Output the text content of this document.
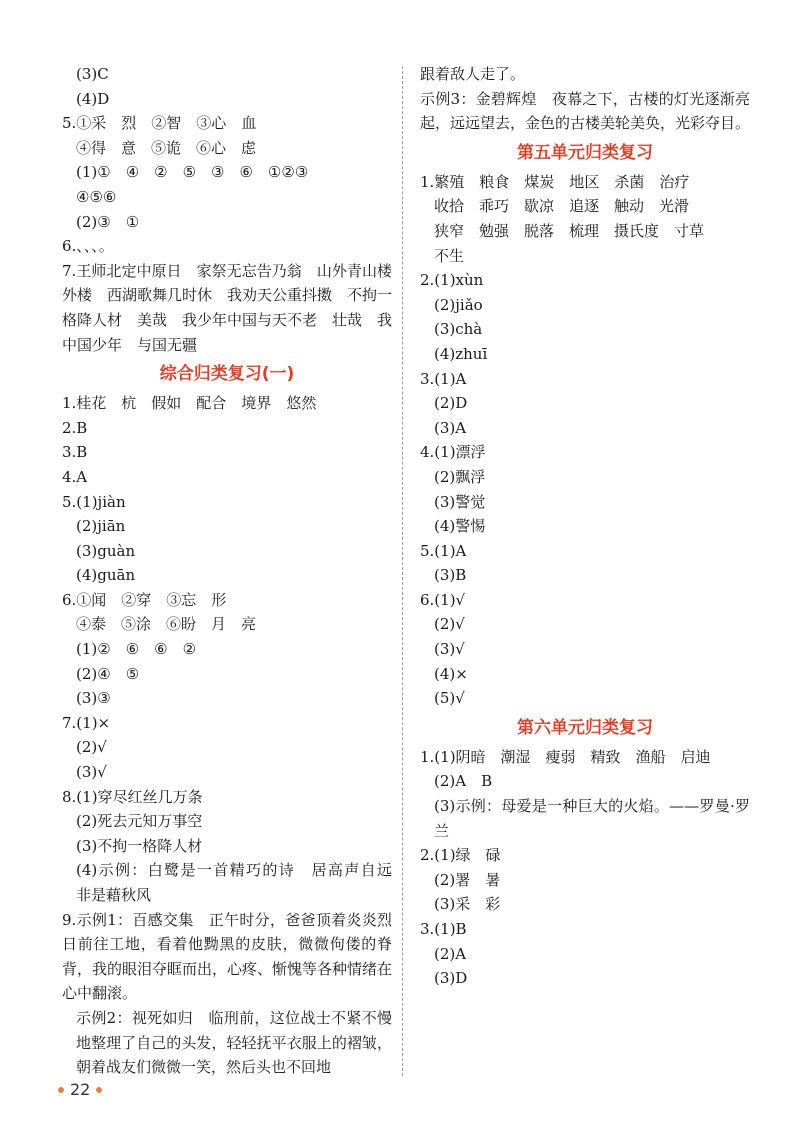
(3)C
(4)D
5.①采　烈　②智　③心　血
④得　意　⑤诡　⑥心　虑
(1)①　④　②　⑤　③　⑥　①②③
④⑤⑥
(2)③　①
6.、、、。

7.王师北定中原日　家祭无忘告乃翁　山外青山楼外楼　西湖歌舞几时休　我劝天公重抖擞　不拘一格降人材　美哉　我少年中国与天不老　壮哉　我中国少年　与国无疆

综合归类复习(一)
1.桂花　杭　假如　配合　境界　悠然
2.B
3.B
4.A
5.(1)jiàn
(2)jiān
(3)guàn
(4)guān
6.①闻　②穿　③忘　形
④泰　⑤涂　⑥盼　月　亮
(1)②　⑥　⑥　②
(2)④　⑤
(3)③
7.(1)×
(2)√
(3)√
8.(1)穿尽红丝几万条
(2)死去元知万事空
(3)不拘一格降人材

(4)示例：白鹭是一首精巧的诗　居高声自远　非是藉秋风

9.示例1：百感交集　正午时分，爸爸顶着炎炎烈日前往工地，看着他黝黑的皮肤，微微佝偻的脊背，我的眼泪夺眶而出，心疼、惭愧等各种情绪在心中翻滚。

示例2：视死如归　临刑前，这位战士不紧不慢地整理了自己的头发，轻轻抚平衣服上的褶皱，朝着战友们微微一笑，然后头也不回地

跟着敌人走了。

示例3：金碧辉煌　夜幕之下，古楼的灯光逐渐亮起，远远望去，金色的古楼美轮美奂，光彩夺目。

第五单元归类复习
1.繁殖　粮食　煤炭　地区　杀菌　治疗
收拾　乖巧　歇凉　追逐　触动　光滑
狭窄　勉强　脱落　梳理　摄氏度　寸草
不生
2.(1)xùn
(2)jiǎo
(3)chà
(4)zhuī
3.(1)A
(2)D
(3)A
4.(1)漂浮
(2)飘浮
(3)警觉
(4)警惕
5.(1)A
(3)B
6.(1)√
(2)√
(3)√
(4)×
(5)√
第六单元归类复习
1.(1)阴暗　潮湿　瘦弱　精致　渔船　启迪
(2)A　B

(3)示例：母爱是一种巨大的火焰。——罗曼·罗兰

2.(1)绿　碌
(2)署　暑
(3)采　彩
3.(1)B
(2)A
(3)D
22
